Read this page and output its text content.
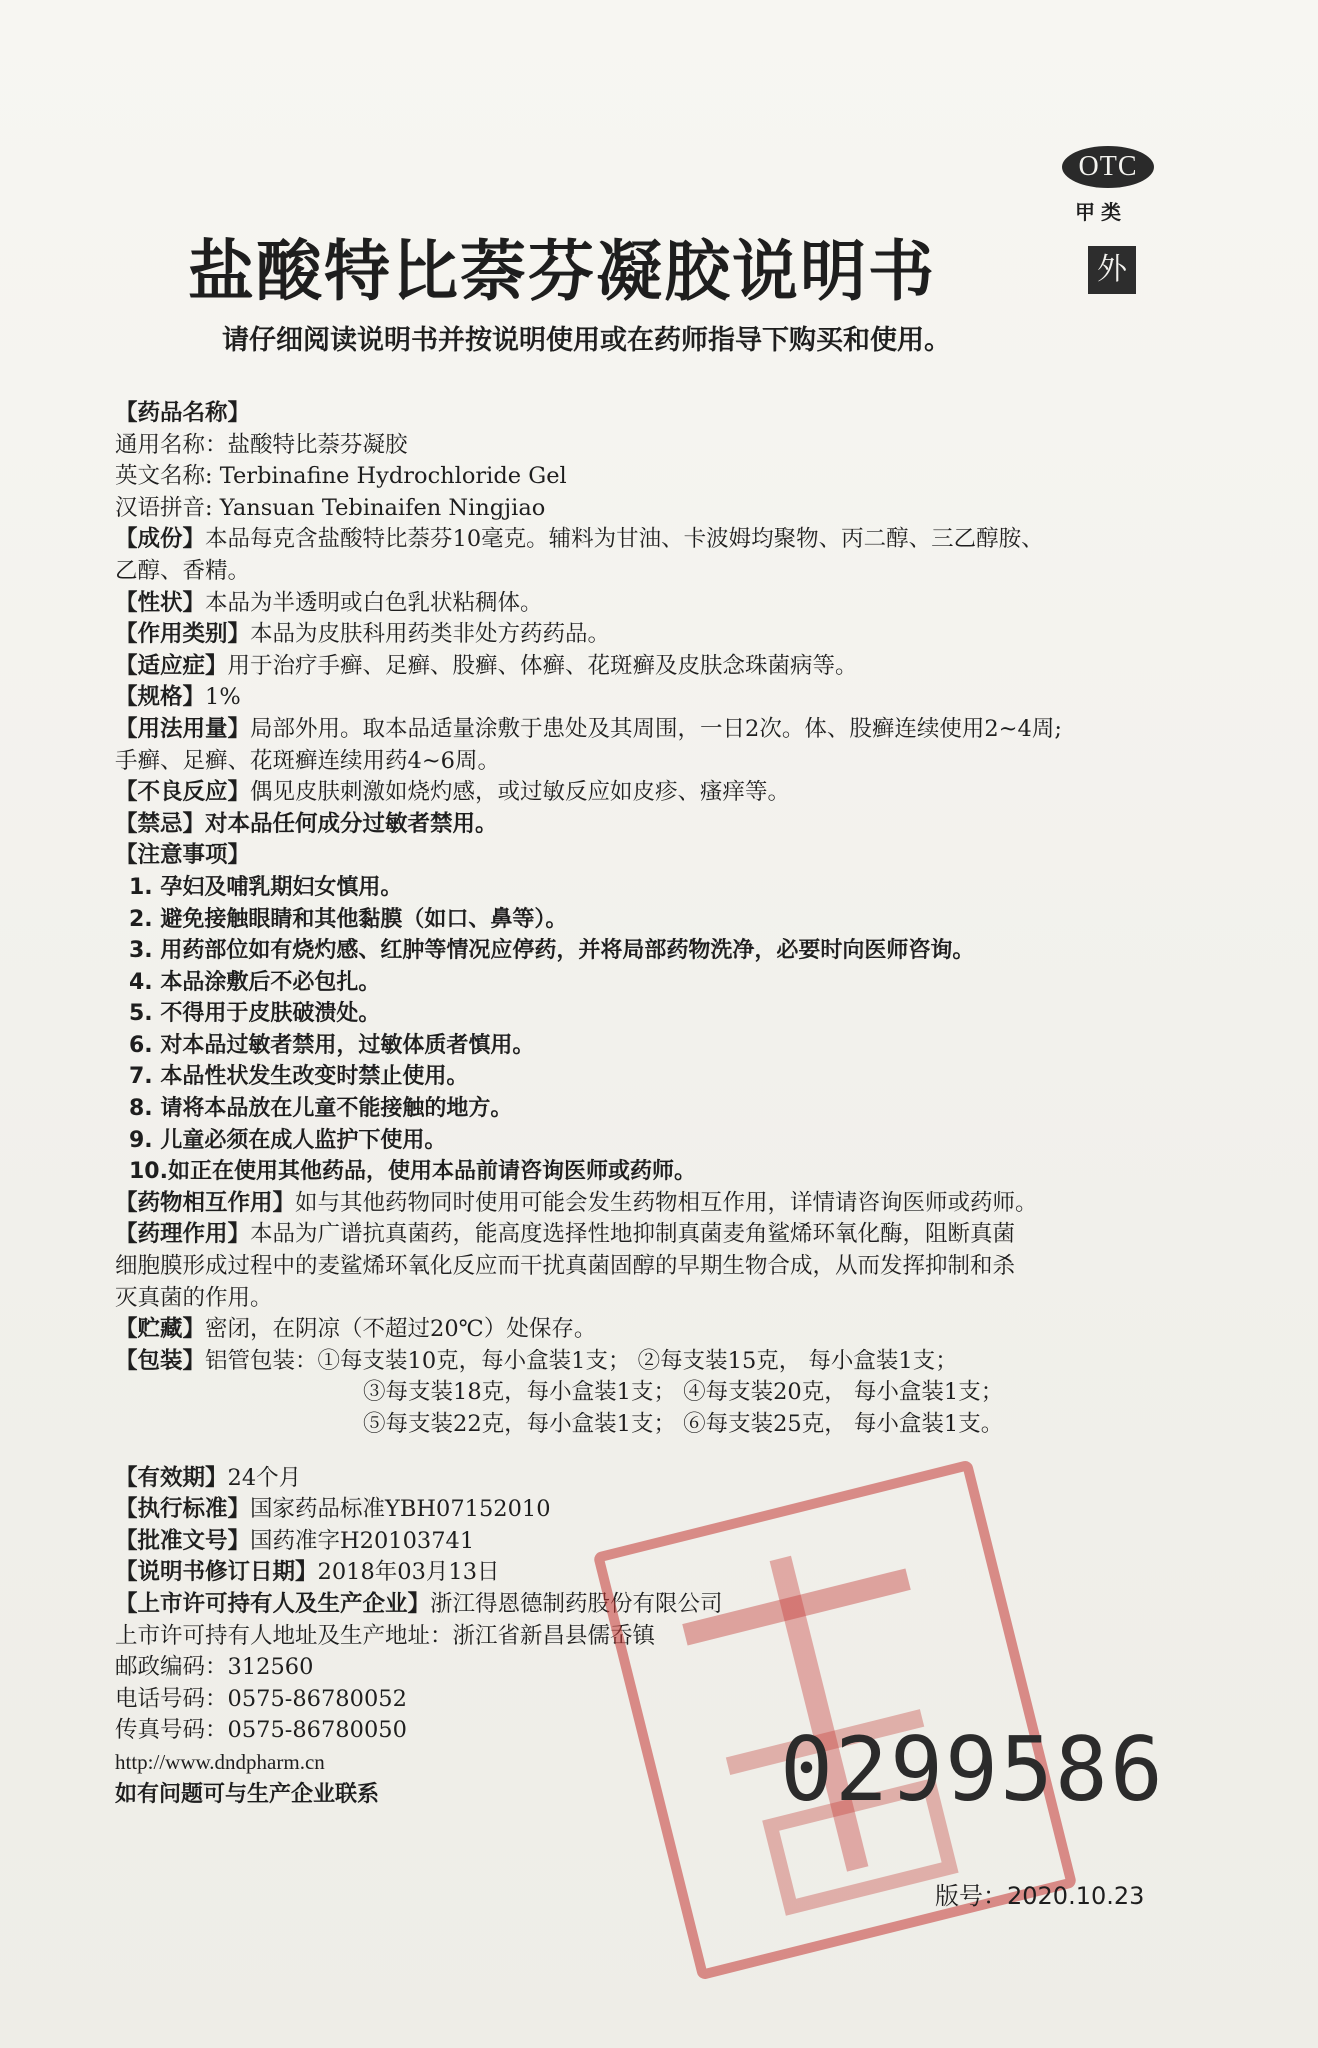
OTC
甲类
外
盐酸特比萘芬凝胶说明书
请仔细阅读说明书并按说明使用或在药师指导下购买和使用。
【药品名称】
通用名称：盐酸特比萘芬凝胶
英文名称: Terbinafine Hydrochloride Gel
汉语拼音: Yansuan Tebinaifen Ningjiao
【成份】本品每克含盐酸特比萘芬10毫克。辅料为甘油、卡波姆均聚物、丙二醇、三乙醇胺、
乙醇、香精。
【性状】本品为半透明或白色乳状粘稠体。
【作用类别】本品为皮肤科用药类非处方药药品。
【适应症】用于治疗手癣、足癣、股癣、体癣、花斑癣及皮肤念珠菌病等。
【规格】1%
【用法用量】局部外用。取本品适量涂敷于患处及其周围，一日2次。体、股癣连续使用2~4周;
手癣、足癣、花斑癣连续用药4~6周。
【不良反应】偶见皮肤刺激如烧灼感，或过敏反应如皮疹、瘙痒等。
【禁忌】对本品任何成分过敏者禁用。
【注意事项】
1. 孕妇及哺乳期妇女慎用。
2. 避免接触眼睛和其他黏膜（如口、鼻等）。
3. 用药部位如有烧灼感、红肿等情况应停药，并将局部药物洗净，必要时向医师咨询。
4. 本品涂敷后不必包扎。
5. 不得用于皮肤破溃处。
6. 对本品过敏者禁用，过敏体质者慎用。
7. 本品性状发生改变时禁止使用。
8. 请将本品放在儿童不能接触的地方。
9. 儿童必须在成人监护下使用。
10.如正在使用其他药品，使用本品前请咨询医师或药师。
【药物相互作用】如与其他药物同时使用可能会发生药物相互作用，详情请咨询医师或药师。
【药理作用】本品为广谱抗真菌药，能高度选择性地抑制真菌麦角鲨烯环氧化酶，阻断真菌
细胞膜形成过程中的麦鲨烯环氧化反应而干扰真菌固醇的早期生物合成，从而发挥抑制和杀
灭真菌的作用。
【贮藏】密闭，在阴凉（不超过20℃）处保存。
【包装】铝管包装：①每支装10克，每小盒装1支； ②每支装15克， 每小盒装1支；
③每支装18克，每小盒装1支； ④每支装20克， 每小盒装1支；
⑤每支装22克，每小盒装1支； ⑥每支装25克， 每小盒装1支。
【有效期】24个月
【执行标准】国家药品标准YBH07152010
【批准文号】国药准字H20103741
【说明书修订日期】2018年03月13日
【上市许可持有人及生产企业】浙江得恩德制药股份有限公司
上市许可持有人地址及生产地址：浙江省新昌县儒岙镇
邮政编码：312560
电话号码：0575-86780052
传真号码：0575-86780050
http://www.dndpharm.cn
如有问题可与生产企业联系	0299586
版号：2020.10.23
